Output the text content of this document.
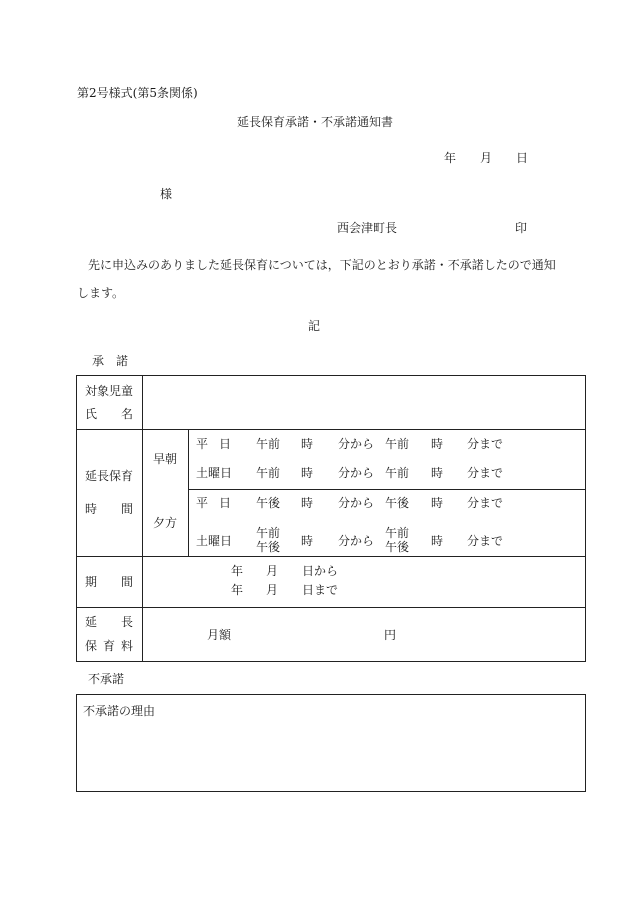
第2号様式(第5条関係)
延長保育承諾・不承諾通知書
年 月 日
様
西会津町長	印
先に申込みのありました延長保育については，下記のとおり承諾・不承諾したので通知
します。
記
承　諾
対象児童
氏 名
延長保育
時 間
早朝
夕方
平 日 午前 時 分から 午前 時 分まで
土曜日 午前 時 分から 午前 時 分まで
平 日 午後 時 分から 午後 時 分まで
土曜日
午前
午後 時 分から
午前
午後 時 分まで
期 間
年 月 日から
年 月 日まで
延 長
保 育 料
月額	円
不承諾
不承諾の理由
